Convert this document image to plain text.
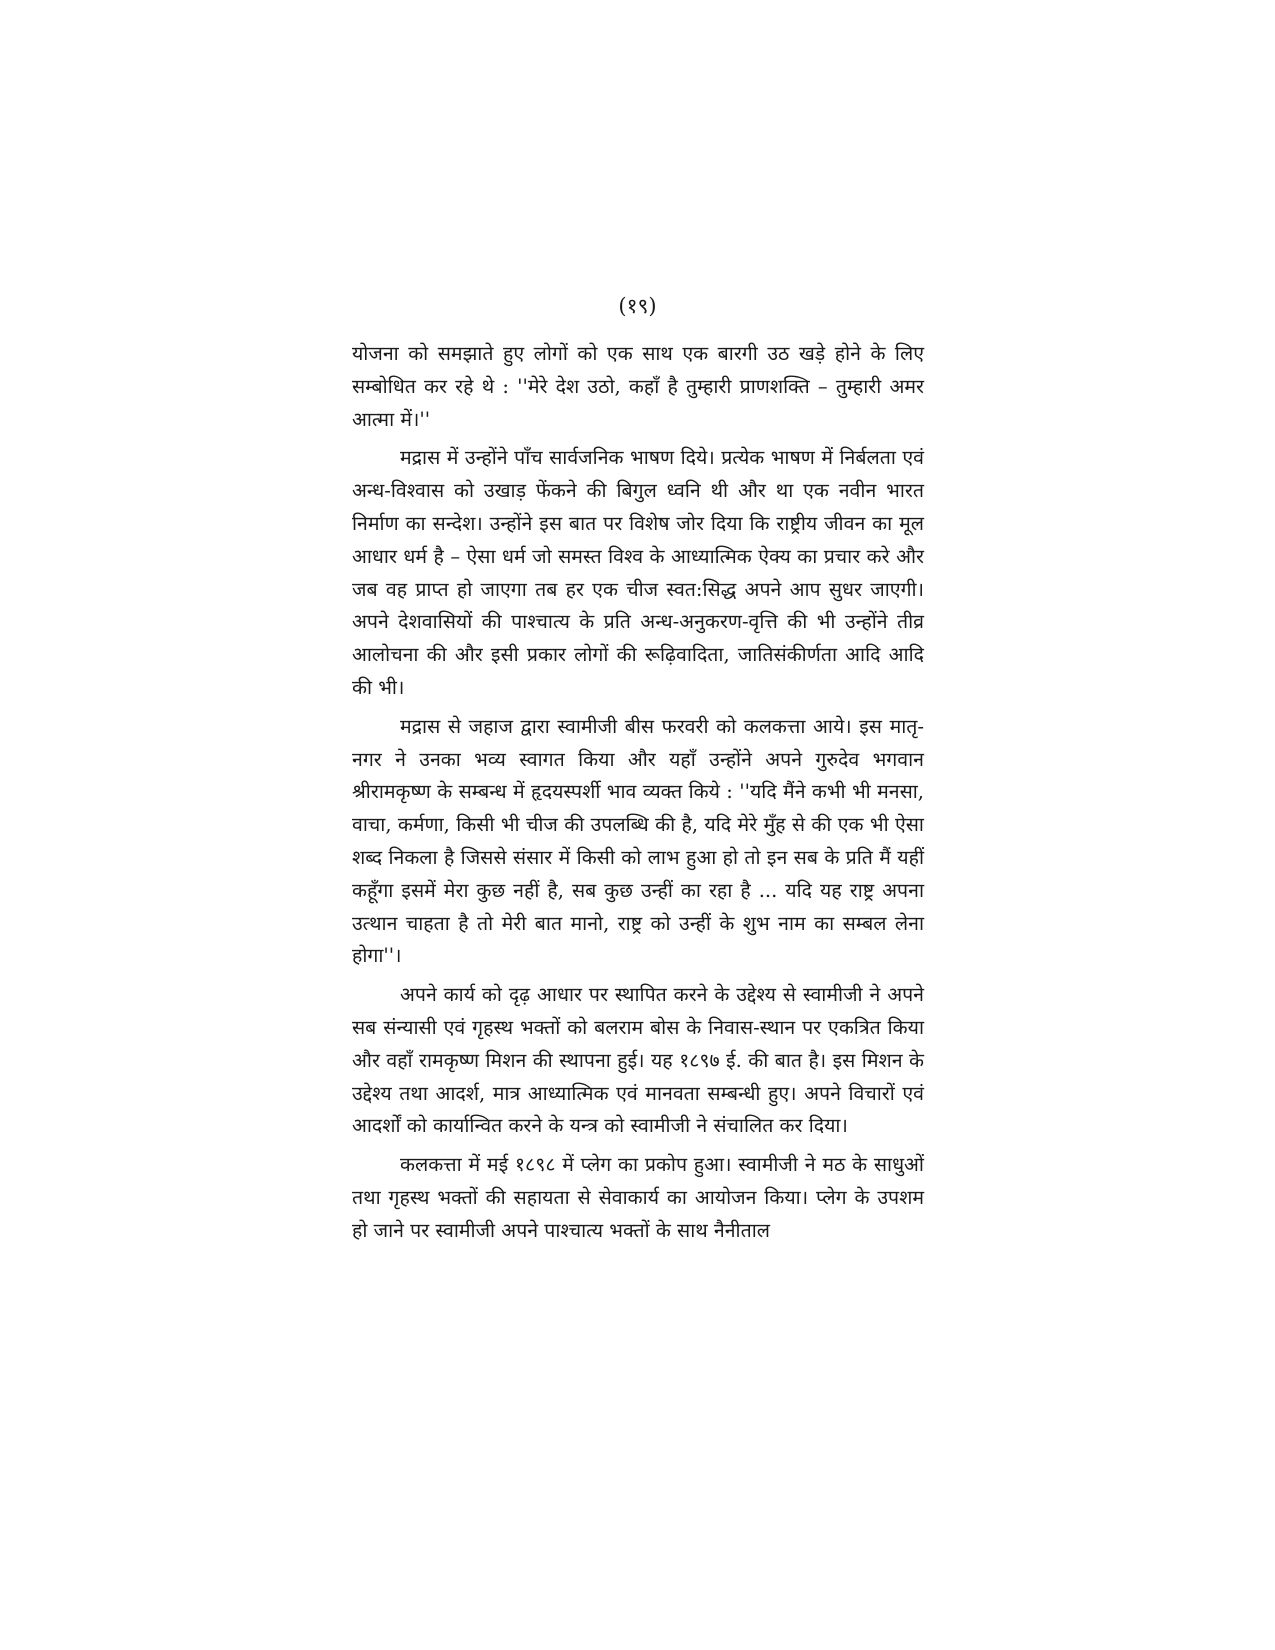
(१९)

योजना को समझाते हुए लोगों को एक साथ एक बारगी उठ खड़े होने के लिए सम्बोधित कर रहे थे : ''मेरे देश उठो, कहाँ है तुम्हारी प्राणशक्ति – तुम्हारी अमर आत्मा में।''

मद्रास में उन्होंने पाँच सार्वजनिक भाषण दिये। प्रत्येक भाषण में निर्बलता एवं अन्ध-विश्वास को उखाड़ फेंकने की बिगुल ध्वनि थी और था एक नवीन भारत निर्माण का सन्देश। उन्होंने इस बात पर विशेष जोर दिया कि राष्ट्रीय जीवन का मूल आधार धर्म है – ऐसा धर्म जो समस्त विश्व के आध्यात्मिक ऐक्य का प्रचार करे और जब वह प्राप्त हो जाएगा तब हर एक चीज स्वत:सिद्ध अपने आप सुधर जाएगी। अपने देशवासियों की पाश्चात्य के प्रति अन्ध-अनुकरण-वृत्ति की भी उन्होंने तीव्र आलोचना की और इसी प्रकार लोगों की रूढ़िवादिता, जातिसंकीर्णता आदि आदि की भी।

मद्रास से जहाज द्वारा स्वामीजी बीस फरवरी को कलकत्ता आये। इस मातृ-नगर ने उनका भव्य स्वागत किया और यहाँ उन्होंने अपने गुरुदेव भगवान श्रीरामकृष्ण के सम्बन्ध में हृदयस्पर्शी भाव व्यक्त किये : ''यदि मैंने कभी भी मनसा, वाचा, कर्मणा, किसी भी चीज की उपलब्धि की है, यदि मेरे मुँह से की एक भी ऐसा शब्द निकला है जिससे संसार में किसी को लाभ हुआ हो तो इन सब के प्रति मैं यहीं कहूँगा इसमें मेरा कुछ नहीं है, सब कुछ उन्हीं का रहा है ... यदि यह राष्ट्र अपना उत्थान चाहता है तो मेरी बात मानो, राष्ट्र को उन्हीं के शुभ नाम का सम्बल लेना होगा''।

अपने कार्य को दृढ़ आधार पर स्थापित करने के उद्देश्य से स्वामीजी ने अपने सब संन्यासी एवं गृहस्थ भक्तों को बलराम बोस के निवास-स्थान पर एकत्रित किया और वहाँ रामकृष्ण मिशन की स्थापना हुई। यह १८९७ ई. की बात है। इस मिशन के उद्देश्य तथा आदर्श, मात्र आध्यात्मिक एवं मानवता सम्बन्धी हुए। अपने विचारों एवं आदर्शों को कार्यान्वित करने के यन्त्र को स्वामीजी ने संचालित कर दिया।

कलकत्ता में मई १८९८ में प्लेग का प्रकोप हुआ। स्वामीजी ने मठ के साधुओं तथा गृहस्थ भक्तों की सहायता से सेवाकार्य का आयोजन किया। प्लेग के उपशम हो जाने पर स्वामीजी अपने पाश्चात्य भक्तों के साथ नैनीताल
